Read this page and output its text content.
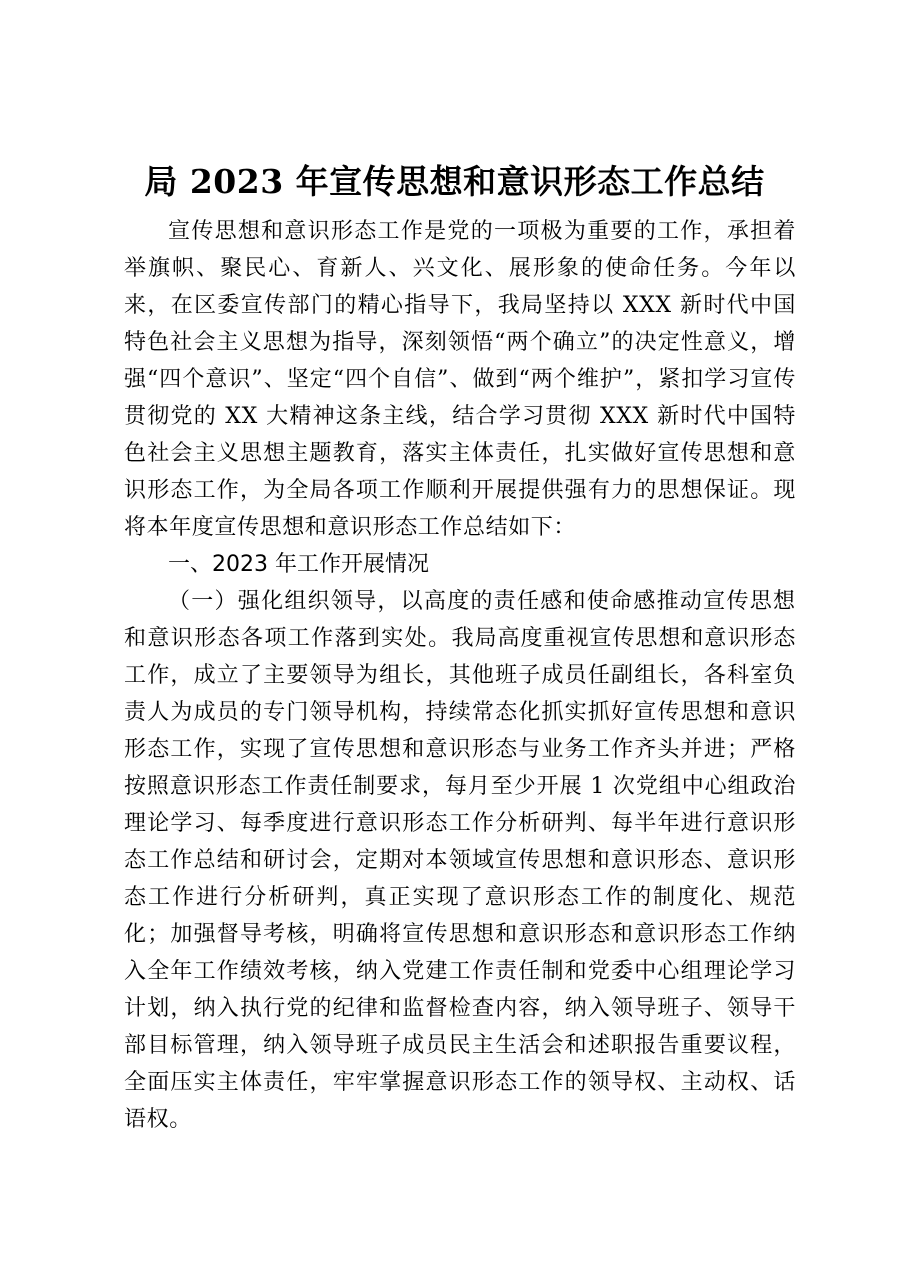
局 2023 年宣传思想和意识形态工作总结

宣传思想和意识形态工作是党的一项极为重要的工作，承担着举旗帜、聚民心、育新人、兴文化、展形象的使命任务。今年以来，在区委宣传部门的精心指导下，我局坚持以 XXX 新时代中国特色社会主义思想为指导，深刻领悟“两个确立”的决定性意义，增强“四个意识”、坚定“四个自信”、做到“两个维护”，紧扣学习宣传贯彻党的 XX 大精神这条主线，结合学习贯彻 XXX 新时代中国特色社会主义思想主题教育，落实主体责任，扎实做好宣传思想和意识形态工作，为全局各项工作顺利开展提供强有力的思想保证。现将本年度宣传思想和意识形态工作总结如下：

一、2023 年工作开展情况

（一）强化组织领导，以高度的责任感和使命感推动宣传思想和意识形态各项工作落到实处。我局高度重视宣传思想和意识形态工作，成立了主要领导为组长，其他班子成员任副组长，各科室负责人为成员的专门领导机构，持续常态化抓实抓好宣传思想和意识形态工作，实现了宣传思想和意识形态与业务工作齐头并进；严格按照意识形态工作责任制要求，每月至少开展 1 次党组中心组政治理论学习、每季度进行意识形态工作分析研判、每半年进行意识形态工作总结和研讨会，定期对本领域宣传思想和意识形态、意识形态工作进行分析研判，真正实现了意识形态工作的制度化、规范化；加强督导考核，明确将宣传思想和意识形态和意识形态工作纳入全年工作绩效考核，纳入党建工作责任制和党委中心组理论学习计划，纳入执行党的纪律和监督检查内容，纳入领导班子、领导干部目标管理，纳入领导班子成员民主生活会和述职报告重要议程，全面压实主体责任，牢牢掌握意识形态工作的领导权、主动权、话语权。
